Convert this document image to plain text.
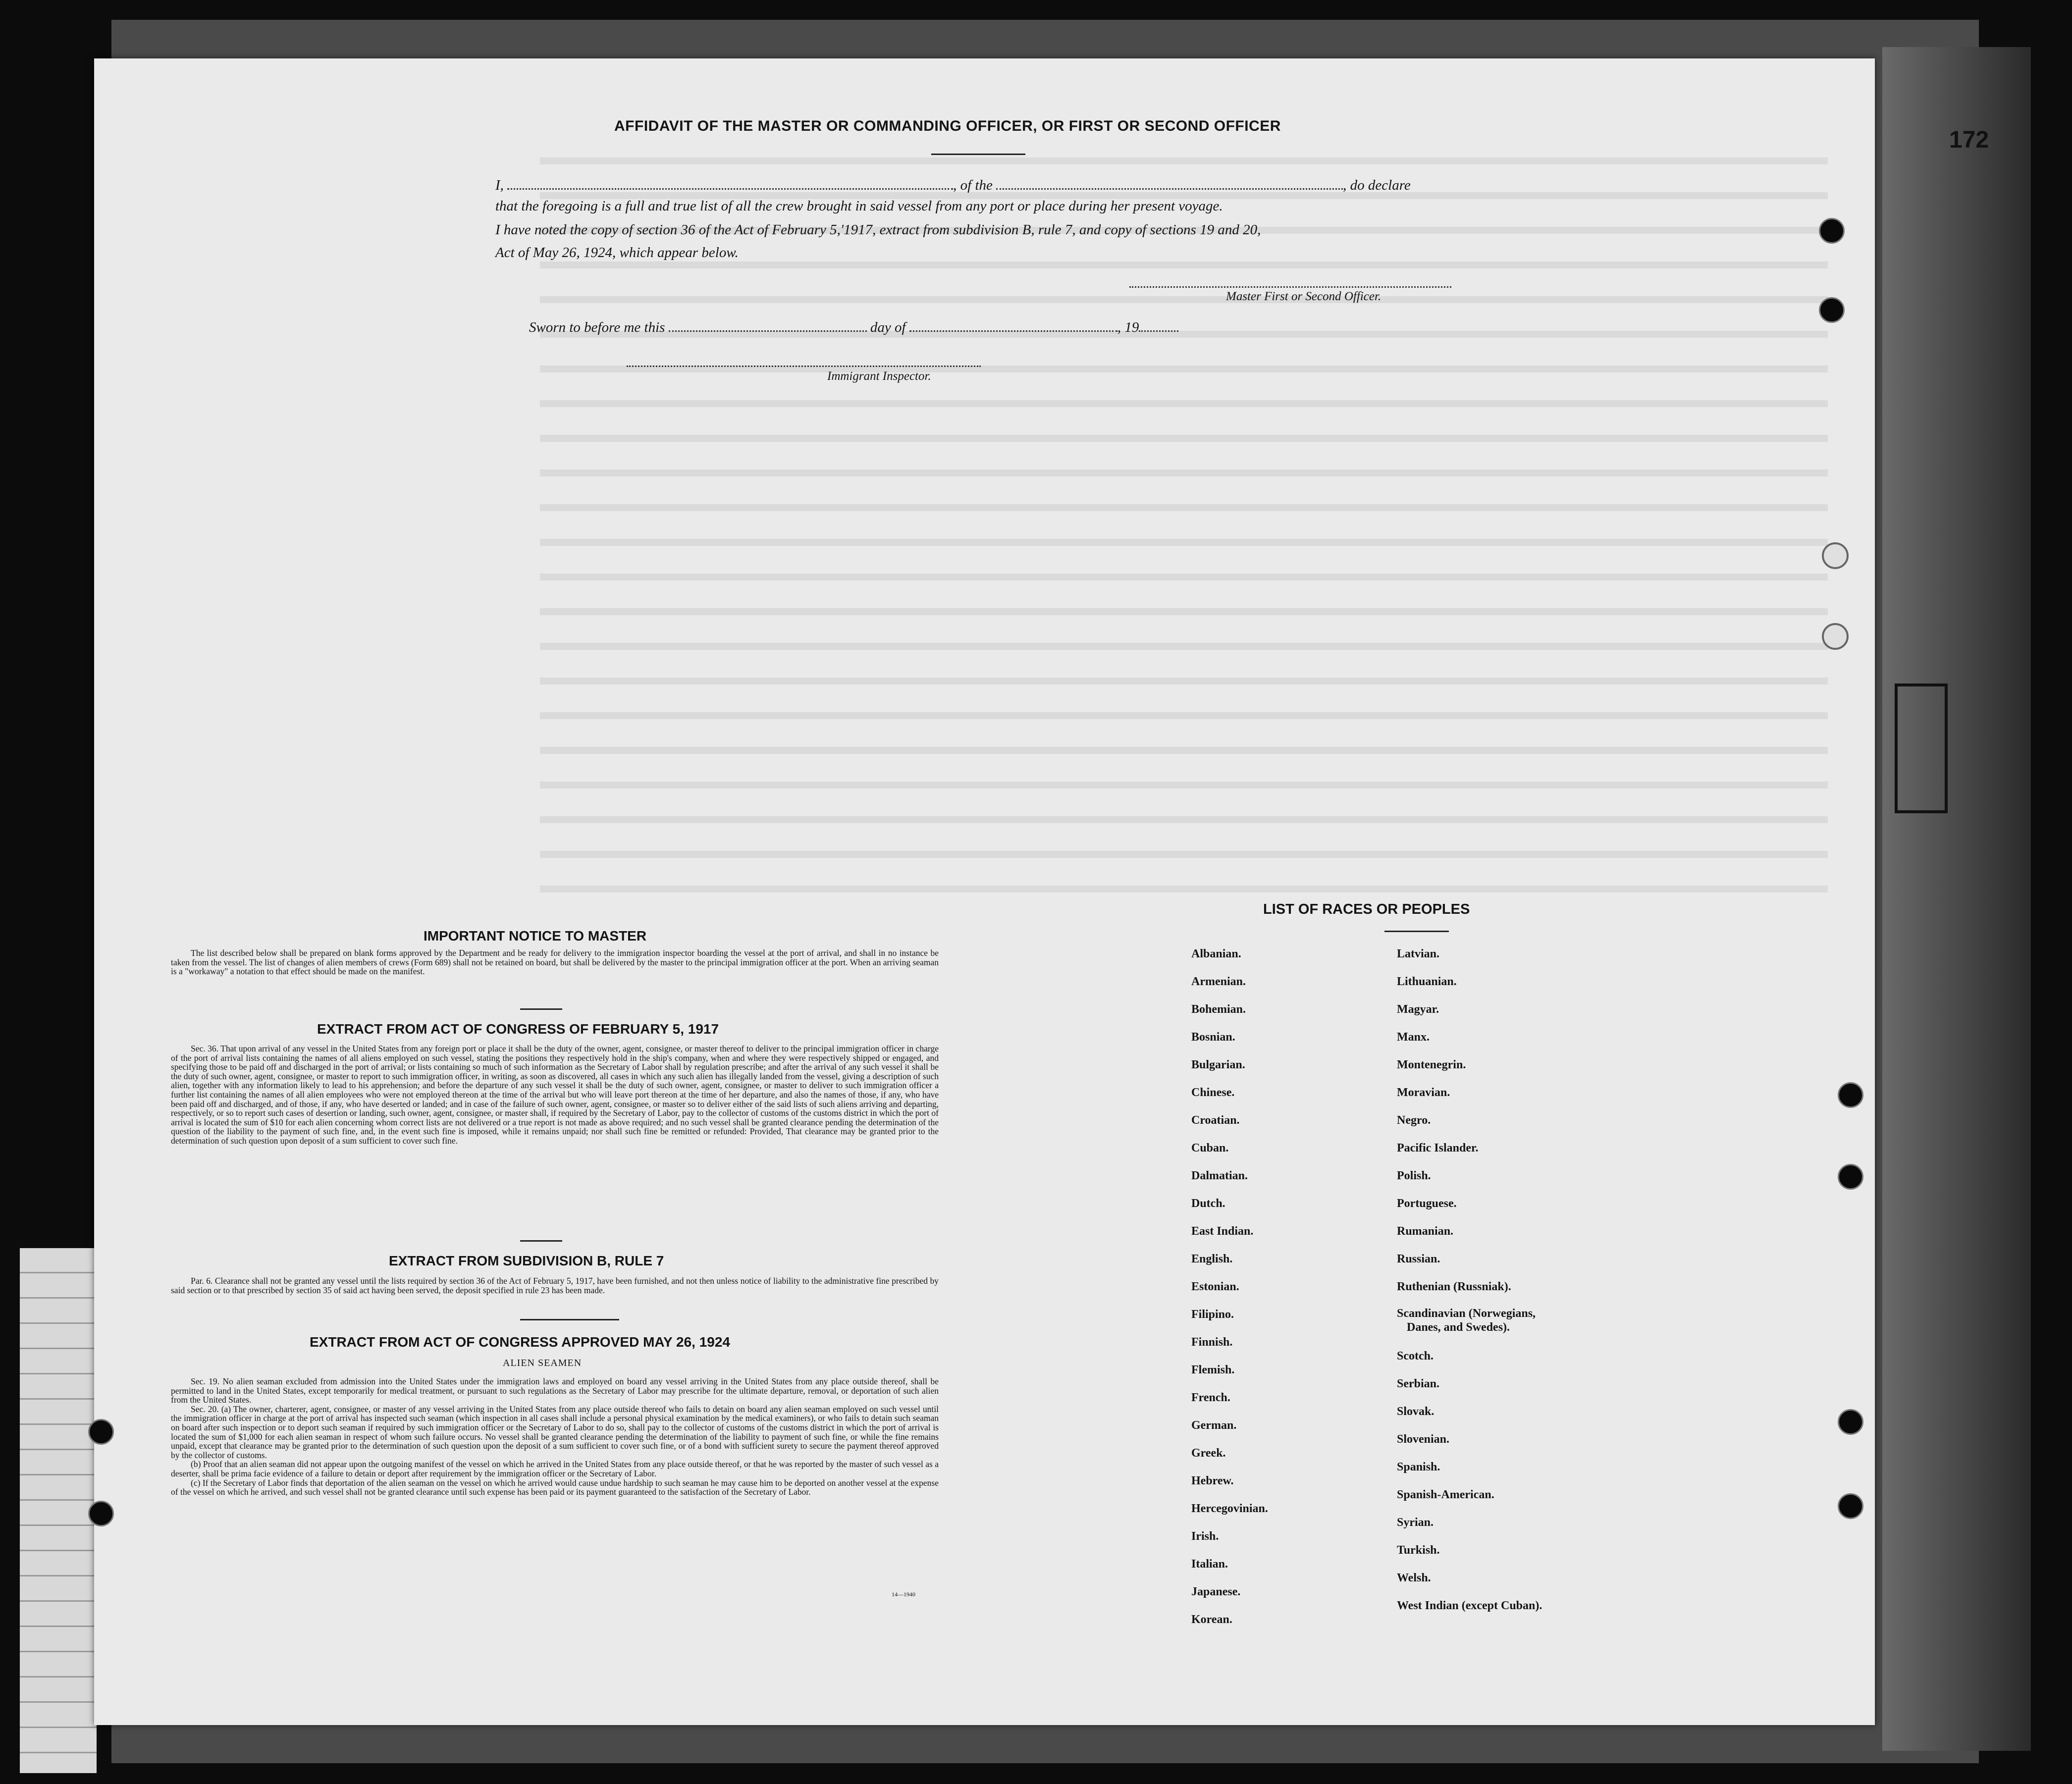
172
AFFIDAVIT OF THE MASTER OR COMMANDING OFFICER, OR FIRST OR SECOND OFFICER
I,	, of the	, do declare
that the foregoing is a full and true list of all the crew brought in said vessel from any port or place during her present voyage.
I have noted the copy of section 36 of the Act of February 5,'1917, extract from subdivision B, rule 7, and copy of sections 19 and 20,
Act of May 26, 1924, which appear below.
Master First or Second Officer.
Sworn to before me this	day of	, 19
Immigrant Inspector.
IMPORTANT NOTICE TO MASTER
The list described below shall be prepared on blank forms approved by the Department and be ready for delivery to the immigration inspector boarding the vessel at the port of arrival, and shall in no instance be taken from the vessel. The list of changes of alien members of crews (Form 689) shall not be retained on board, but shall be delivered by the master to the principal immigration officer at the port. When an arriving seaman is a "workaway" a notation to that effect should be made on the manifest.
EXTRACT FROM ACT OF CONGRESS OF FEBRUARY 5, 1917
Sec. 36. That upon arrival of any vessel in the United States from any foreign port or place it shall be the duty of the owner, agent, consignee, or master thereof to deliver to the principal immigration officer in charge of the port of arrival lists containing the names of all aliens employed on such vessel, stating the positions they respectively hold in the ship's company, when and where they were respectively shipped or engaged, and specifying those to be paid off and discharged in the port of arrival; or lists containing so much of such information as the Secretary of Labor shall by regulation prescribe; and after the arrival of any such vessel it shall be the duty of such owner, agent, consignee, or master to report to such immigration officer, in writing, as soon as discovered, all cases in which any such alien has illegally landed from the vessel, giving a description of such alien, together with any information likely to lead to his apprehension; and before the departure of any such vessel it shall be the duty of such owner, agent, consignee, or master to deliver to such immigration officer a further list containing the names of all alien employees who were not employed thereon at the time of the arrival but who will leave port thereon at the time of her departure, and also the names of those, if any, who have been paid off and discharged, and of those, if any, who have deserted or landed; and in case of the failure of such owner, agent, consignee, or master so to deliver either of the said lists of such aliens arriving and departing, respectively, or so to report such cases of desertion or landing, such owner, agent, consignee, or master shall, if required by the Secretary of Labor, pay to the collector of customs of the customs district in which the port of arrival is located the sum of $10 for each alien concerning whom correct lists are not delivered or a true report is not made as above required; and no such vessel shall be granted clearance pending the determination of the question of the liability to the payment of such fine, and, in the event such fine is imposed, while it remains unpaid; nor shall such fine be remitted or refunded: Provided, That clearance may be granted prior to the determination of such question upon deposit of a sum sufficient to cover such fine.
EXTRACT FROM SUBDIVISION B, RULE 7
Par. 6. Clearance shall not be granted any vessel until the lists required by section 36 of the Act of February 5, 1917, have been furnished, and not then unless notice of liability to the administrative fine prescribed by said section or to that prescribed by section 35 of said act having been served, the deposit specified in rule 23 has been made.
EXTRACT FROM ACT OF CONGRESS APPROVED MAY 26, 1924
ALIEN SEAMEN

Sec. 19. No alien seaman excluded from admission into the United States under the immigration laws and employed on board any vessel arriving in the United States from any place outside thereof, shall be permitted to land in the United States, except temporarily for medical treatment, or pursuant to such regulations as the Secretary of Labor may prescribe for the ultimate departure, removal, or deportation of such alien from the United States.

Sec. 20. (a) The owner, charterer, agent, consignee, or master of any vessel arriving in the United States from any place outside thereof who fails to detain on board any alien seaman employed on such vessel until the immigration officer in charge at the port of arrival has inspected such seaman (which inspection in all cases shall include a personal physical examination by the medical examiners), or who fails to detain such seaman on board after such inspection or to deport such seaman if required by such immigration officer or the Secretary of Labor to do so, shall pay to the collector of customs of the customs district in which the port of arrival is located the sum of $1,000 for each alien seaman in respect of whom such failure occurs. No vessel shall be granted clearance pending the determination of the liability to payment of such fine, or while the fine remains unpaid, except that clearance may be granted prior to the determination of such question upon the deposit of a sum sufficient to cover such fine, or of a bond with sufficient surety to secure the payment thereof approved by the collector of customs.

(b) Proof that an alien seaman did not appear upon the outgoing manifest of the vessel on which he arrived in the United States from any place outside thereof, or that he was reported by the master of such vessel as a deserter, shall be prima facie evidence of a failure to detain or deport after requirement by the immigration officer or the Secretary of Labor.

(c) If the Secretary of Labor finds that deportation of the alien seaman on the vessel on which he arrived would cause undue hardship to such seaman he may cause him to be deported on another vessel at the expense of the vessel on which he arrived, and such vessel shall not be granted clearance until such expense has been paid or its payment guaranteed to the satisfaction of the Secretary of Labor.

14—1940
LIST OF RACES OR PEOPLES
Albanian.
Armenian.
Bohemian.
Bosnian.
Bulgarian.
Chinese.
Croatian.
Cuban.
Dalmatian.
Dutch.
East Indian.
English.
Estonian.
Filipino.
Finnish.
Flemish.
French.
German.
Greek.
Hebrew.
Hercegovinian.
Irish.
Italian.
Japanese.
Korean.
Latvian.
Lithuanian.
Magyar.
Manx.
Montenegrin.
Moravian.
Negro.
Pacific Islander.
Polish.
Portuguese.
Rumanian.
Russian.
Ruthenian (Russniak).
Scandinavian (Norwegians,
Danes, and Swedes).
Scotch.
Serbian.
Slovak.
Slovenian.
Spanish.
Spanish-American.
Syrian.
Turkish.
Welsh.
West Indian (except Cuban).
